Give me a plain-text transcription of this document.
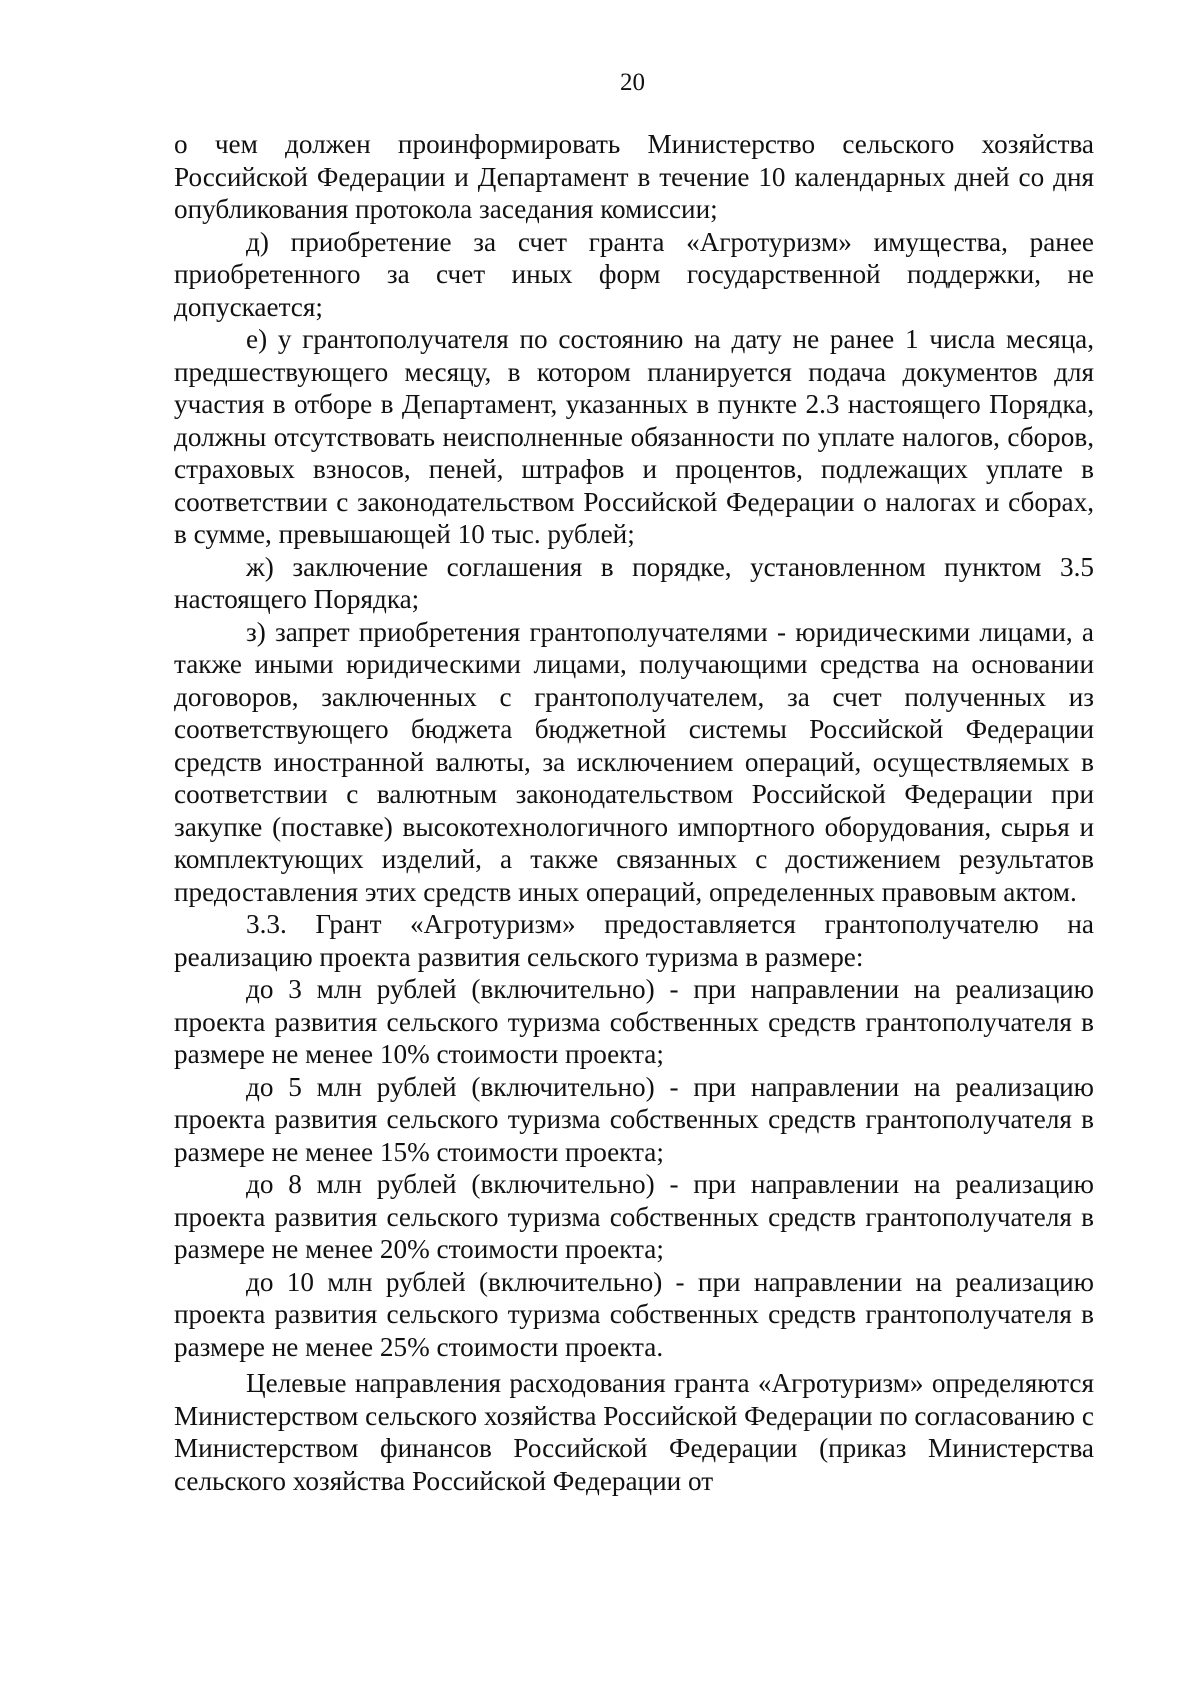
20

о чем должен проинформировать Министерство сельского хозяйства Российской Федерации и Департамент в течение 10 календарных дней со дня опубликования протокола заседания комиссии;

д) приобретение за счет гранта «Агротуризм» имущества, ранее приобретенного за счет иных форм государственной поддержки, не допускается;

е) у грантополучателя по состоянию на дату не ранее 1 числа месяца, предшествующего месяцу, в котором планируется подача документов для участия в отборе в Департамент, указанных в пункте 2.3 настоящего Порядка, должны отсутствовать неисполненные обязанности по уплате налогов, сборов, страховых взносов, пеней, штрафов и процентов, подлежащих уплате в соответствии с законодательством Российской Федерации о налогах и сборах, в сумме, превышающей 10 тыс. рублей;

ж) заключение соглашения в порядке, установленном пунктом 3.5 настоящего Порядка;

з) запрет приобретения грантополучателями - юридическими лицами, а также иными юридическими лицами, получающими средства на основании договоров, заключенных с грантополучателем, за счет полученных из соответствующего бюджета бюджетной системы Российской Федерации средств иностранной валюты, за исключением операций, осуществляемых в соответствии с валютным законодательством Российской Федерации при закупке (поставке) высокотехнологичного импортного оборудования, сырья и комплектующих изделий, а также связанных с достижением результатов предоставления этих средств иных операций, определенных правовым актом.

3.3. Грант «Агротуризм» предоставляется грантополучателю на реализацию проекта развития сельского туризма в размере:

до 3 млн рублей (включительно) - при направлении на реализацию проекта развития сельского туризма собственных средств грантополучателя в размере не менее 10% стоимости проекта;

до 5 млн рублей (включительно) - при направлении на реализацию проекта развития сельского туризма собственных средств грантополучателя в размере не менее 15% стоимости проекта;

до 8 млн рублей (включительно) - при направлении на реализацию проекта развития сельского туризма собственных средств грантополучателя в размере не менее 20% стоимости проекта;

до 10 млн рублей (включительно) - при направлении на реализацию проекта развития сельского туризма собственных средств грантополучателя в размере не менее 25% стоимости проекта.

Целевые направления расходования гранта «Агротуризм» определяются Министерством сельского хозяйства Российской Федерации по согласованию с Министерством финансов Российской Федерации (приказ Министерства сельского хозяйства Российской Федерации от
